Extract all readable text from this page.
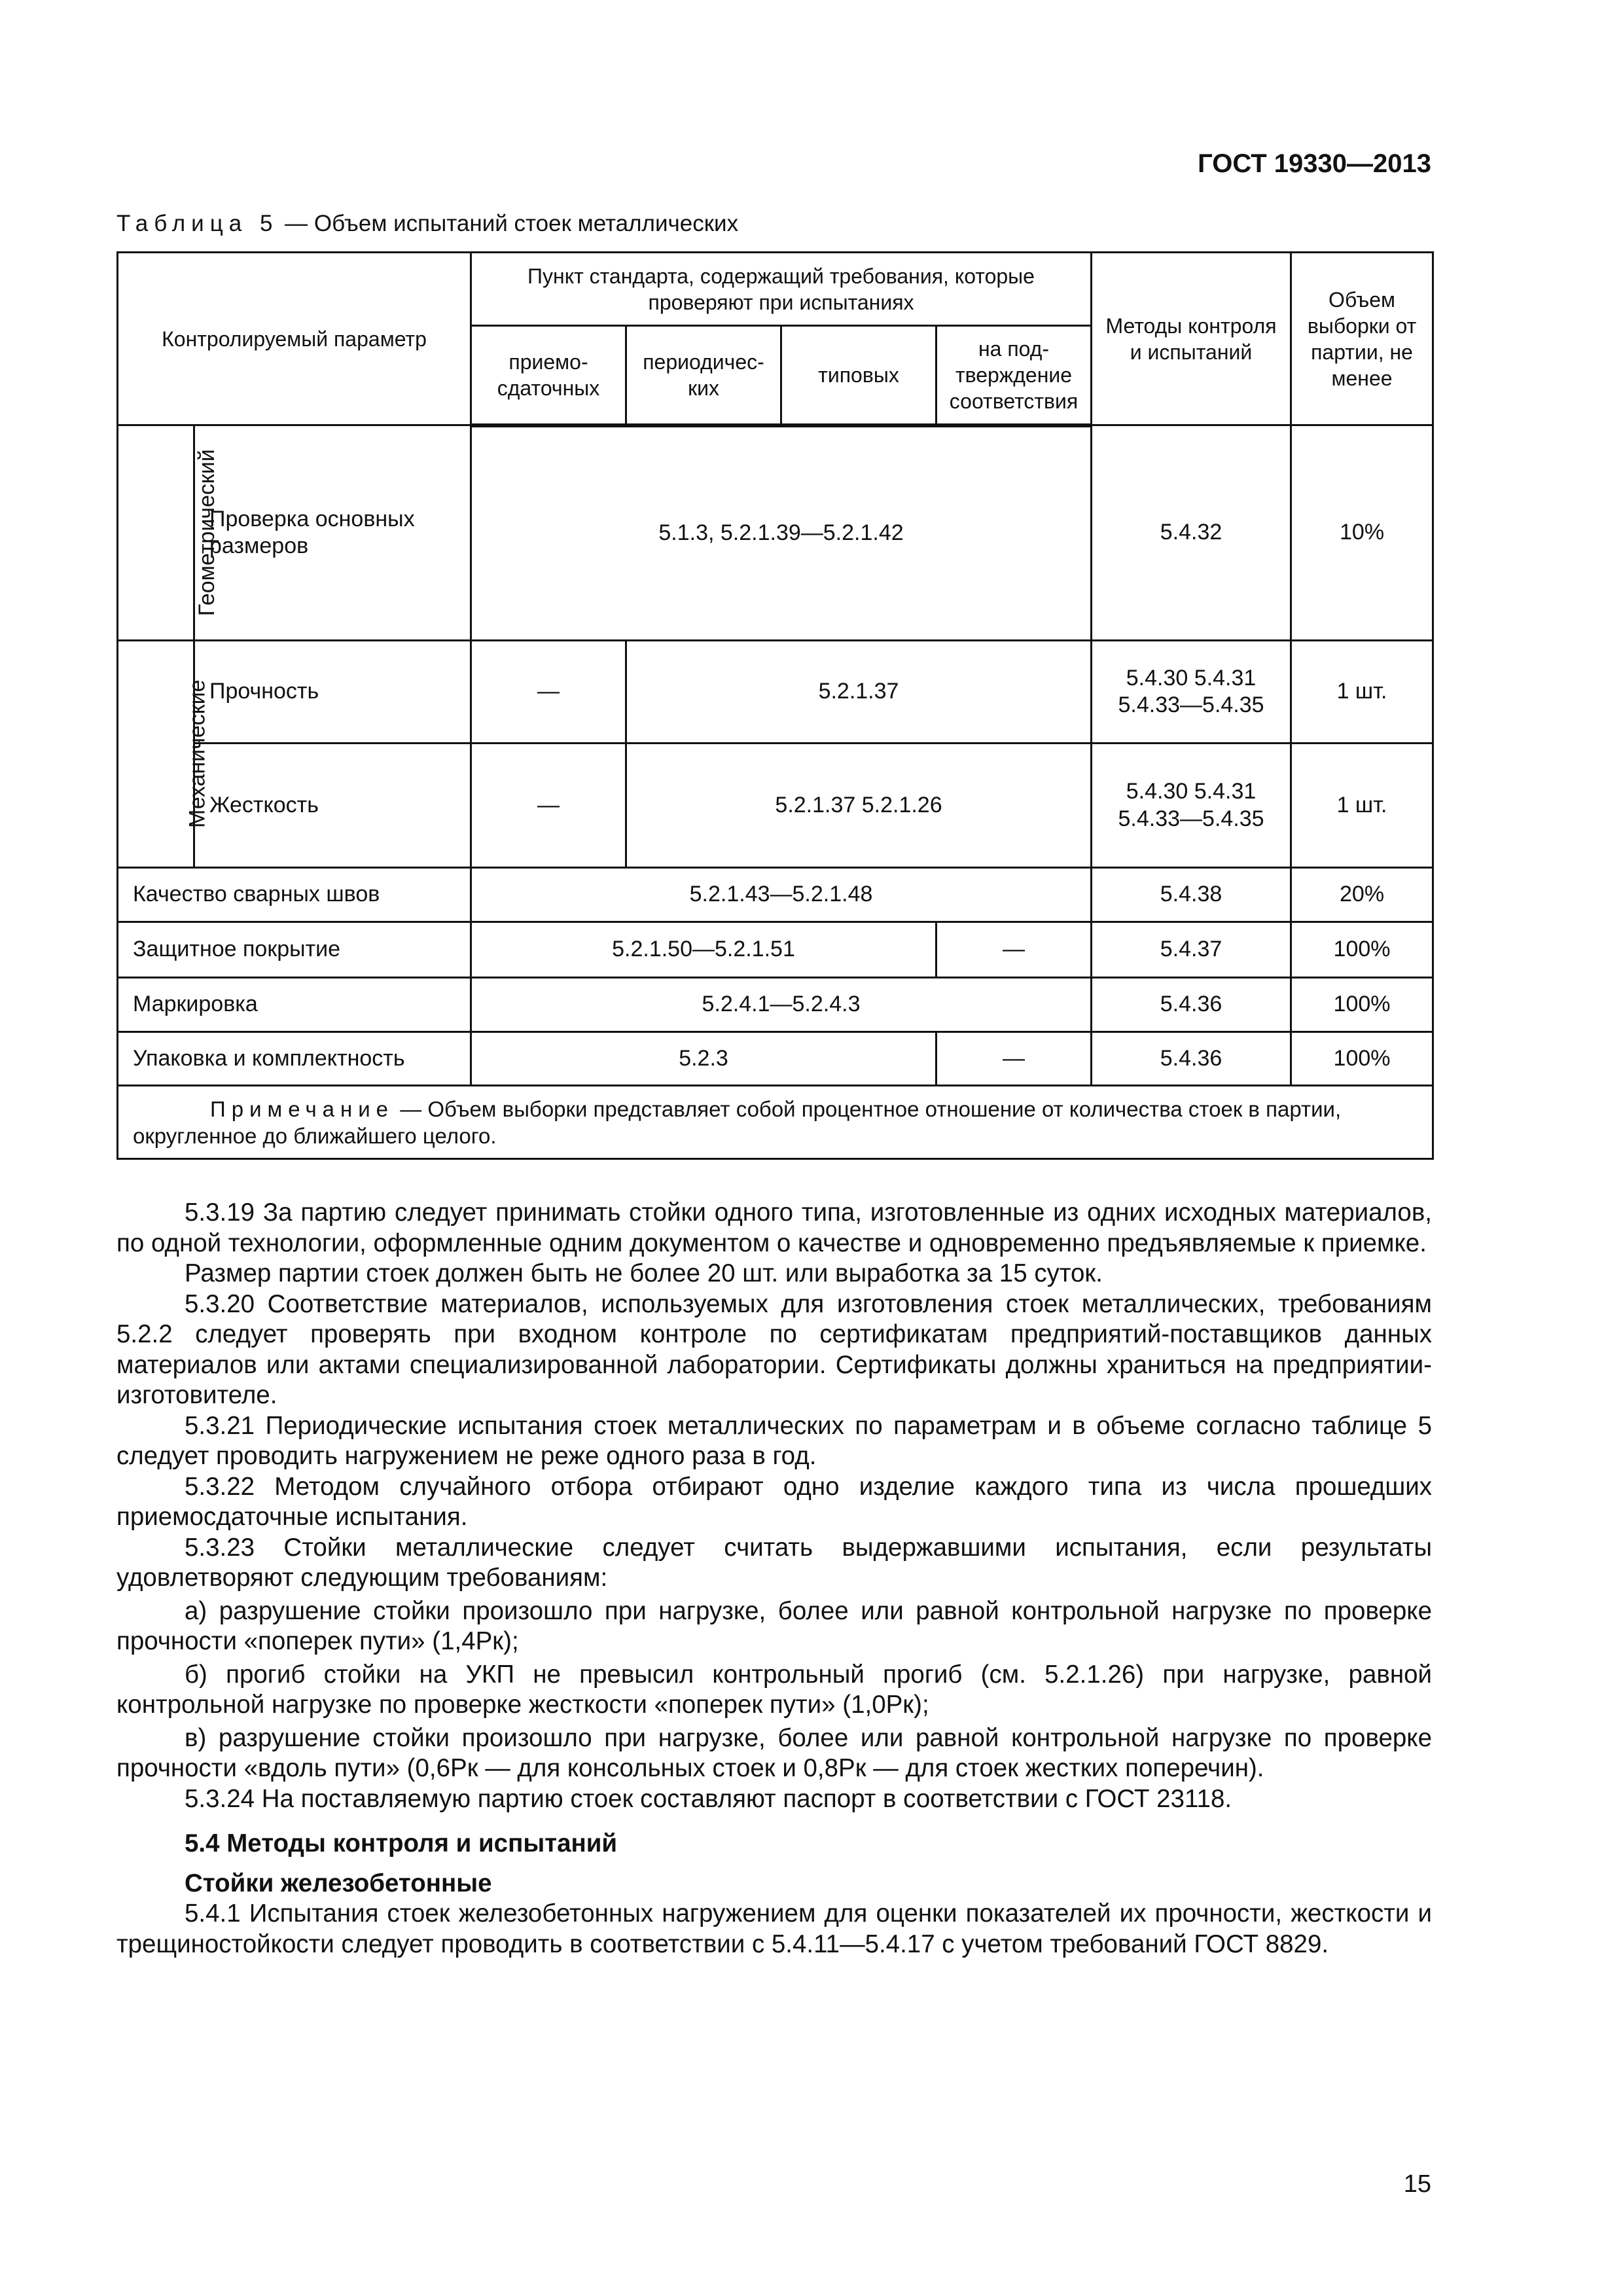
ГОСТ 19330—2013
Таблица 5 — Объем испытаний стоек металлических
Контролируемый параметр		Пункт стандарта, содержащий требования, которые проверяют при испытаниях				Методы контроля и испытаний	Объем выборки от партии, не менее
		приемо-сдаточных	периодичес-ких	типовых	на под-тверждение соответствия		
Геометрический	Проверка основных размеров	5.1.3, 5.2.1.39—5.2.1.42				5.4.32	10%
Механические	Прочность	—	5.2.1.37			5.4.30 5.4.31 5.4.33—5.4.35	1 шт.
	Жесткость	—	5.2.1.37 5.2.1.26			5.4.30 5.4.31 5.4.33—5.4.35	1 шт.
Качество сварных швов		5.2.1.43—5.2.1.48				5.4.38	20%
Защитное покрытие		5.2.1.50—5.2.1.51			—	5.4.37	100%
Маркировка		5.2.4.1—5.2.4.3				5.4.36	100%
Упаковка и комплектность		5.2.3			—	5.4.36	100%
Примечание — Объем выборки представляет собой процентное отношение от количества стоек в партии, округленное до ближайшего целого.							

5.3.19 За партию следует принимать стойки одного типа, изготовленные из одних исходных материалов, по одной технологии, оформленные одним документом о качестве и одновременно предъявляемые к приемке.

Размер партии стоек должен быть не более 20 шт. или выработка за 15 суток.

5.3.20 Соответствие материалов, используемых для изготовления стоек металлических, требованиям 5.2.2 следует проверять при входном контроле по сертификатам предприятий-поставщиков данных материалов или актами специализированной лаборатории. Сертификаты должны храниться на предприятии-изготовителе.

5.3.21 Периодические испытания стоек металлических по параметрам и в объеме согласно таблице 5 следует проводить нагружением не реже одного раза в год.

5.3.22 Методом случайного отбора отбирают одно изделие каждого типа из числа прошедших приемосдаточные испытания.

5.3.23 Стойки металлические следует считать выдержавшими испытания, если результаты удовлетворяют следующим требованиям:

а) разрушение стойки произошло при нагрузке, более или равной контрольной нагрузке по проверке прочности «поперек пути» (1,4Pк);

б) прогиб стойки на УКП не превысил контрольный прогиб (см. 5.2.1.26) при нагрузке, равной контрольной нагрузке по проверке жесткости «поперек пути» (1,0Pк);

в) разрушение стойки произошло при нагрузке, более или равной контрольной нагрузке по проверке прочности «вдоль пути» (0,6Pк — для консольных стоек и 0,8Pк — для стоек жестких поперечин).

5.3.24 На поставляемую партию стоек составляют паспорт в соответствии с ГОСТ 23118.

5.4 Методы контроля и испытаний
Стойки железобетонные

5.4.1 Испытания стоек железобетонных нагружением для оценки показателей их прочности, жесткости и трещиностойкости следует проводить в соответствии с 5.4.11—5.4.17 с учетом требований ГОСТ 8829.

15
